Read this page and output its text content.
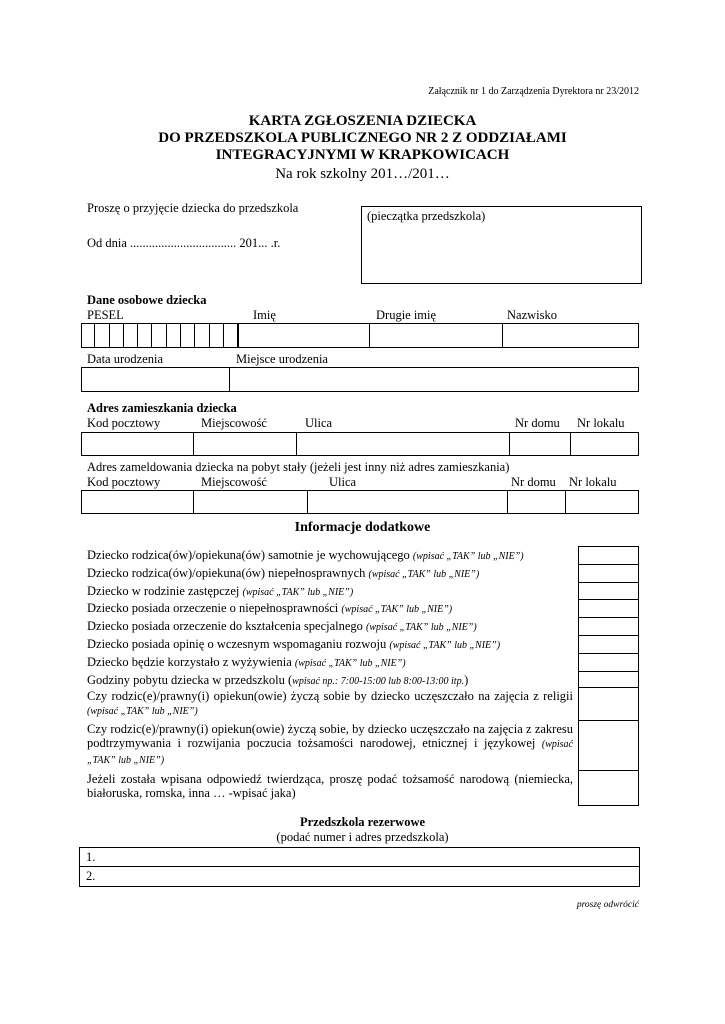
Załącznik nr 1 do Zarządzenia Dyrektora nr 23/2012
KARTA ZGŁOSZENIA DZIECKA
DO PRZEDSZKOLA PUBLICZNEGO NR 2 Z ODDZIAŁAMI
INTEGRACYJNYMI W KRAPKOWICACH
Na rok szkolny 201…/201…
Proszę o przyjęcie dziecka do przedszkola
Od dnia .................................. 201... .r.
(pieczątka przedszkola)
Dane osobowe dziecka
PESEL	Imię	Drugie imię	Nazwisko
Data urodzenia	Miejsce urodzenia
Adres zamieszkania dziecka
Kod pocztowy	Miejscowość	Ulica	Nr domu Nr lokalu
Adres zameldowania dziecka na pobyt stały (jeżeli jest inny niż adres zamieszkania)
Kod pocztowy	Miejscowość	Ulica	Nr domu Nr lokalu
Informacje dodatkowe
Dziecko rodzica(ów)/opiekuna(ów) samotnie je wychowującego (wpisać „TAK” lub „NIE”)
Dziecko rodzica(ów)/opiekuna(ów) niepełnosprawnych (wpisać „TAK” lub „NIE”)
Dziecko w rodzinie zastępczej (wpisać „TAK” lub „NIE”)
Dziecko posiada orzeczenie o niepełnosprawności (wpisać „TAK” lub „NIE”)
Dziecko posiada orzeczenie do kształcenia specjalnego (wpisać „TAK” lub „NIE”)
Dziecko posiada opinię o wczesnym wspomaganiu rozwoju (wpisać „TAK” lub „NIE”)
Dziecko będzie korzystało z wyżywienia (wpisać „TAK” lub „NIE”)
Godziny pobytu dziecka w przedszkolu (wpisać np.: 7:00-15:00 lub 8:00-13:00 itp.)
Czy rodzic(e)/prawny(i) opiekun(owie) życzą sobie by dziecko uczęszczało na zajęcia z religii (wpisać „TAK” lub „NIE”)
Czy rodzic(e)/prawny(i) opiekun(owie) życzą sobie, by dziecko uczęszczało na zajęcia z zakresu podtrzymywania i rozwijania poczucia tożsamości narodowej, etnicznej i językowej (wpisać „TAK” lub „NIE”)
Jeżeli została wpisana odpowiedź twierdząca, proszę podać tożsamość narodową (niemiecka, białoruska, romska, inna … -wpisać jaka)
Przedszkola rezerwowe
(podać numer i adres przedszkola)
1.
2.
proszę odwrócić
